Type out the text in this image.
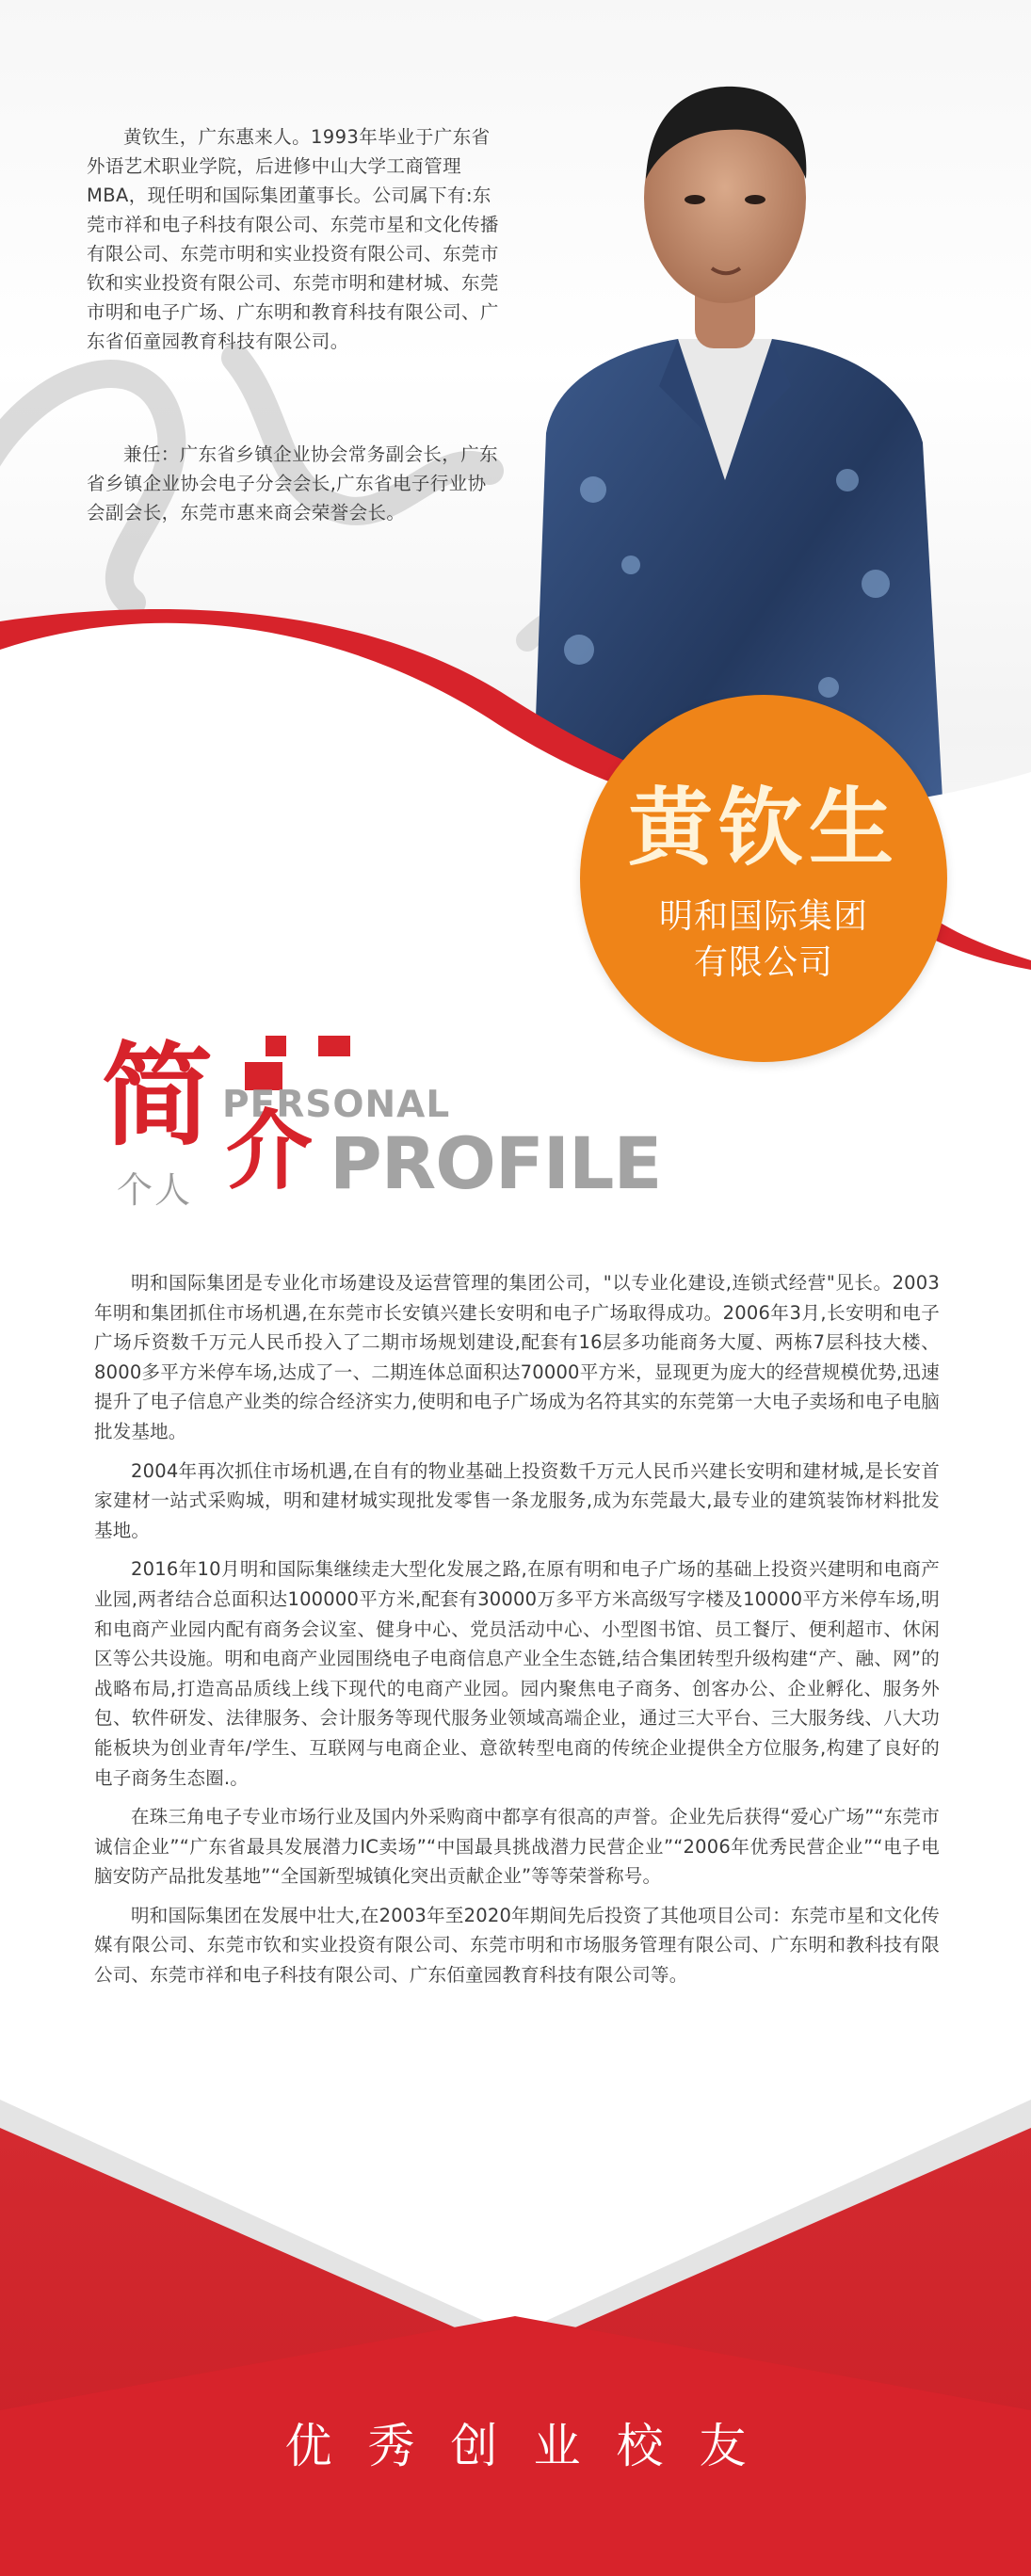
黄钦生，广东惠来人。1993年毕业于广东省外语艺术职业学院，后进修中山大学工商管理MBA，现任明和国际集团董事长。公司属下有:东莞市祥和电子科技有限公司、东莞市星和文化传播有限公司、东莞市明和实业投资有限公司、东莞市钦和实业投资有限公司、东莞市明和建材城、东莞市明和电子广场、广东明和教育科技有限公司、广东省佰童园教育科技有限公司。

兼任：广东省乡镇企业协会常务副会长，广东省乡镇企业协会电子分会会长,广东省电子行业协会副会长，东莞市惠来商会荣誉会长。

黄钦生
明和国际集团
有限公司
简 PERSONAL
介
个人 PROFILE

明和国际集团是专业化市场建设及运营管理的集团公司，"以专业化建设,连锁式经营"见长。2003年明和集团抓住市场机遇,在东莞市长安镇兴建长安明和电子广场取得成功。2006年3月,长安明和电子广场斥资数千万元人民币投入了二期市场规划建设,配套有16层多功能商务大厦、两栋7层科技大楼、8000多平方米停车场,达成了一、二期连体总面积达70000平方米，显现更为庞大的经营规模优势,迅速提升了电子信息产业类的综合经济实力,使明和电子广场成为名符其实的东莞第一大电子卖场和电子电脑批发基地。

2004年再次抓住市场机遇,在自有的物业基础上投资数千万元人民币兴建长安明和建材城,是长安首家建材一站式采购城，明和建材城实现批发零售一条龙服务,成为东莞最大,最专业的建筑装饰材料批发基地。

2016年10月明和国际集继续走大型化发展之路,在原有明和电子广场的基础上投资兴建明和电商产业园,两者结合总面积达100000平方米,配套有30000万多平方米高级写字楼及10000平方米停车场,明和电商产业园内配有商务会议室、健身中心、党员活动中心、小型图书馆、员工餐厅、便利超市、休闲区等公共设施。明和电商产业园围绕电子电商信息产业全生态链,结合集团转型升级构建“产、融、网”的战略布局,打造高品质线上线下现代的电商产业园。园内聚焦电子商务、创客办公、企业孵化、服务外包、软件研发、法律服务、会计服务等现代服务业领域高端企业，通过三大平台、三大服务线、八大功能板块为创业青年/学生、互联网与电商企业、意欲转型电商的传统企业提供全方位服务,构建了良好的电子商务生态圈.。

在珠三角电子专业市场行业及国内外采购商中都享有很高的声誉。企业先后获得“爱心广场”“东莞市诚信企业”“广东省最具发展潜力IC卖场”“中国最具挑战潜力民营企业”“2006年优秀民营企业”“电子电脑安防产品批发基地”“全国新型城镇化突出贡献企业”等等荣誉称号。

明和国际集团在发展中壮大,在2003年至2020年期间先后投资了其他项目公司：东莞市星和文化传媒有限公司、东莞市钦和实业投资有限公司、东莞市明和市场服务管理有限公司、广东明和教科技有限公司、东莞市祥和电子科技有限公司、广东佰童园教育科技有限公司等。

优秀创业校友
